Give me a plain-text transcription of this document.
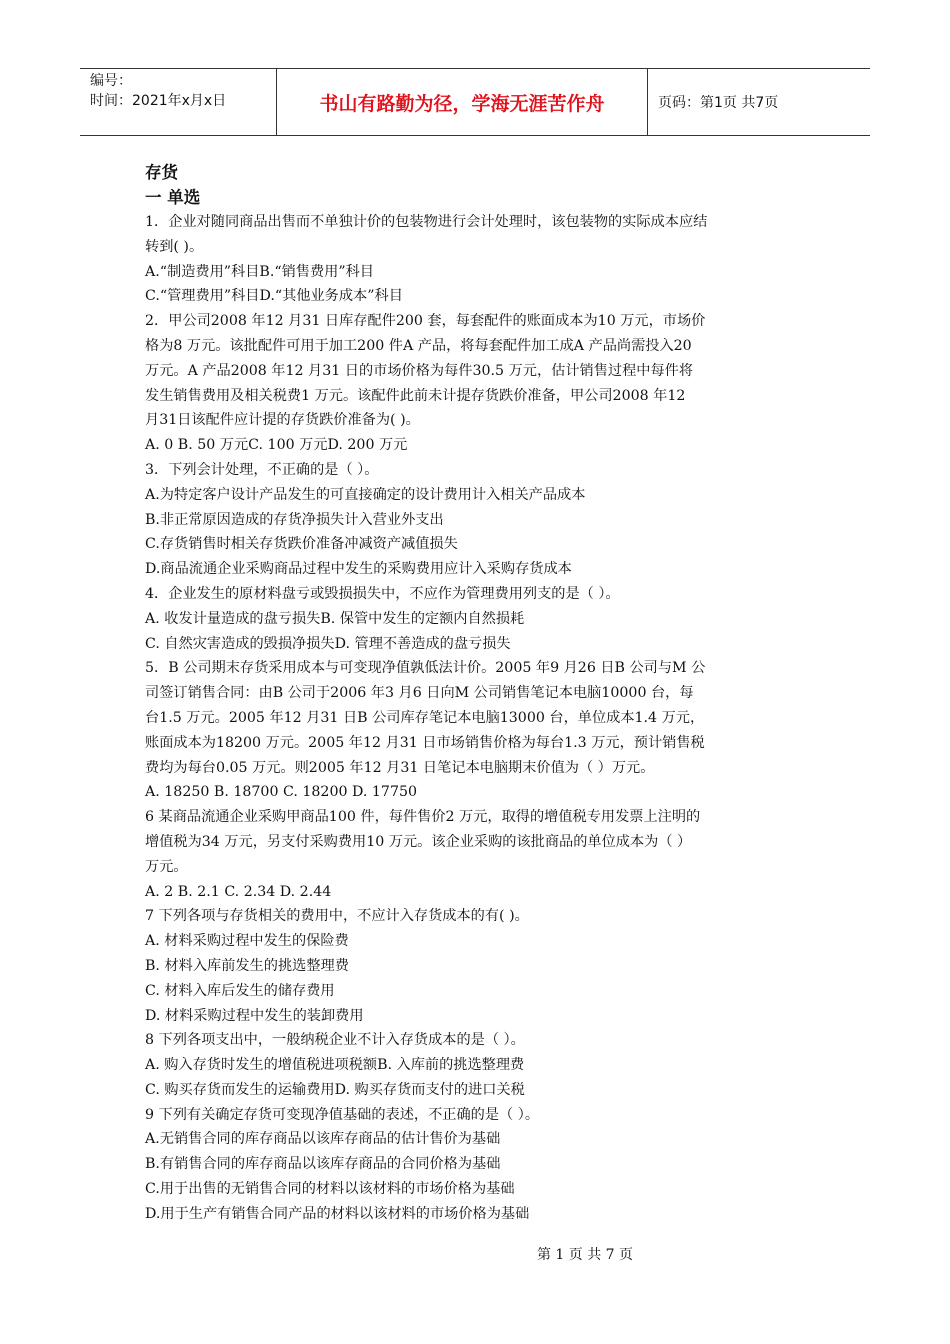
编号：
时间：2021年x月x日	书山有路勤为径，学海无涯苦作舟	页码：第1页 共7页
存货
一 单选
1．企业对随同商品出售而不单独计价的包装物进行会计处理时，该包装物的实际成本应结
转到( )。
A.“制造费用”科目B.“销售费用”科目
C.“管理费用”科目D.“其他业务成本”科目
2．甲公司2008 年12 月31 日库存配件200 套，每套配件的账面成本为10 万元，市场价
格为8 万元。该批配件可用于加工200 件A 产品，将每套配件加工成A 产品尚需投入20
万元。A 产品2008 年12 月31 日的市场价格为每件30.5 万元，估计销售过程中每件将
发生销售费用及相关税费1 万元。该配件此前未计提存货跌价准备，甲公司2008 年12
月31日该配件应计提的存货跌价准备为( )。
A. 0 B. 50 万元C. 100 万元D. 200 万元
3．下列会计处理，不正确的是（ ）。
A.为特定客户设计产品发生的可直接确定的设计费用计入相关产品成本
B.非正常原因造成的存货净损失计入营业外支出
C.存货销售时相关存货跌价准备冲减资产减值损失
D.商品流通企业采购商品过程中发生的采购费用应计入采购存货成本
4．企业发生的原材料盘亏或毁损损失中，不应作为管理费用列支的是（ ）。
A. 收发计量造成的盘亏损失B. 保管中发生的定额内自然损耗
C. 自然灾害造成的毁损净损失D. 管理不善造成的盘亏损失
5．B 公司期末存货采用成本与可变现净值孰低法计价。2005 年9 月26 日B 公司与M 公
司签订销售合同：由B 公司于2006 年3 月6 日向M 公司销售笔记本电脑10000 台，每
台1.5 万元。2005 年12 月31 日B 公司库存笔记本电脑13000 台，单位成本1.4 万元，
账面成本为18200 万元。2005 年12 月31 日市场销售价格为每台1.3 万元，预计销售税
费均为每台0.05 万元。则2005 年12 月31 日笔记本电脑期末价值为（ ）万元。
A. 18250 B. 18700 C. 18200 D. 17750
6 某商品流通企业采购甲商品100 件，每件售价2 万元，取得的增值税专用发票上注明的
增值税为34 万元，另支付采购费用10 万元。该企业采购的该批商品的单位成本为（ ）
万元。
A. 2 B. 2.1 C. 2.34 D. 2.44
7 下列各项与存货相关的费用中，不应计入存货成本的有( )。
A. 材料采购过程中发生的保险费
B. 材料入库前发生的挑选整理费
C. 材料入库后发生的储存费用
D. 材料采购过程中发生的装卸费用
8 下列各项支出中，一般纳税企业不计入存货成本的是（ ）。
A. 购入存货时发生的增值税进项税额B. 入库前的挑选整理费
C. 购买存货而发生的运输费用D. 购买存货而支付的进口关税
9 下列有关确定存货可变现净值基础的表述，不正确的是（ ）。
A.无销售合同的库存商品以该库存商品的估计售价为基础
B.有销售合同的库存商品以该库存商品的合同价格为基础
C.用于出售的无销售合同的材料以该材料的市场价格为基础
D.用于生产有销售合同产品的材料以该材料的市场价格为基础
第 1 页 共 7 页
